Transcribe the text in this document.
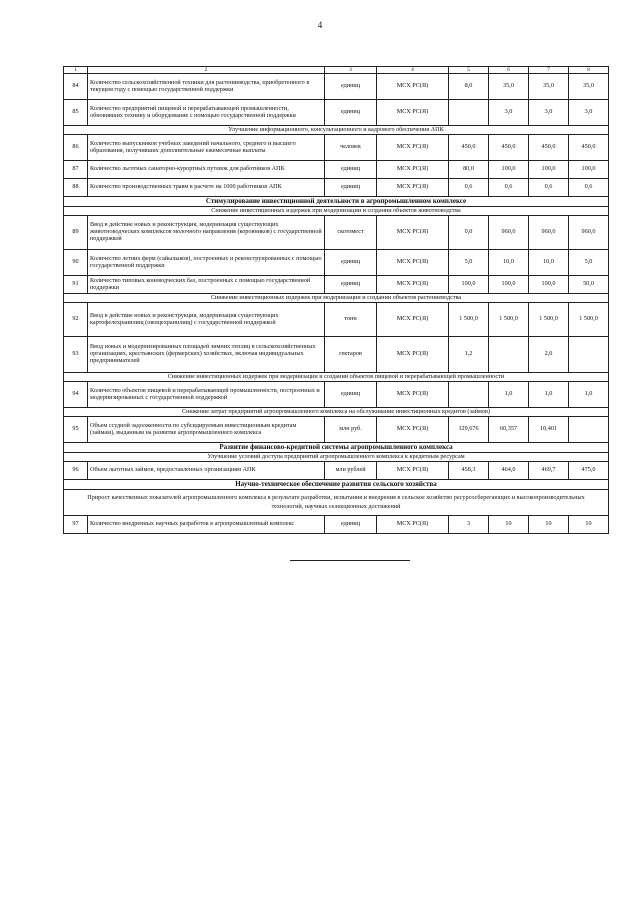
4
1	2	3	4	5	6	7	8
84	Количество сельскохозяйственной техники для растениеводства, приобретенного в текущем году с помощью государственной поддержки	единиц	МСХ РС(Я)	8,0	35,0	35,0	35,0
85	Количество предприятий пищевой и перерабатывающей промышленности, обновивших технику и оборудование с помощью государственной поддержки	единиц	МСХ РС(Я)		3,0	3,0	3,0
Улучшение информационного, консультационного и кадрового обеспечения АПК							
86	Количество выпускников учебных заведений начального, среднего и высшего образования, получивших дополнительные ежемесячные выплаты	человек	МСХ РС(Я)	450,0	450,0	450,0	450,0
87	Количество льготных санаторно-курортных путевок для работников АПК	единиц	МСХ РС(Я)	80,0	100,0	100,0	100,0
88	Количество производственных травм в расчете на 1000 работников АПК	единиц	МСХ РС(Я)	0,6	0,6	0,6	0,6
Стимулирование инвестиционной деятельности в агропромышленном комплексе							
Снижение инвестиционных издержек при модернизации и создании объектов животноводства							
89	Ввод в действие новых и реконструкция, модернизация существующих животноводческих комплексов молочного направления (коровников) с государственной поддержкой	скотомест	МСХ РС(Я)	0,0	960,0	960,0	960,0
90	Количество летних ферм (сайылыков), построенных и реконструированных с помощью государственной поддержки	единиц	МСХ РС(Я)	5,0	10,0	10,0	5,0
91	Количество типовых коневодческих баз, построенных с помощью государственной поддержки	единиц	МСХ РС(Я)	100,0	100,0	100,0	50,0
Снижение инвестиционных издержек при модернизации и создании объектов растениеводства							
92	Ввод в действие новых и реконструкция, модернизация существующих картофелехранилищ (овощехранилищ) с государственной поддержкой	тонн	МСХ РС(Я)	1 500,0	1 500,0	1 500,0	1 500,0
93	Ввод новых и модернизированных площадей зимних теплиц в сельскохозяйственных организациях, крестьянских (фермерских) хозяйствах, включая индивидуальных предпринимателей	гектаров	МСХ РС(Я)	1,2		2,0	
Снижение инвестиционных издержек при модернизации и создании объектов пищевой и перерабатывающей промышленности							
94	Количество объектов пищевой и перерабатывающей промышленности, построенных и модернизированных с государственной поддержкой	единиц	МСХ РС(Я)		1,0	1,0	1,0
Снижение затрат предприятий агропромышленного комплекса на обслуживание инвестиционных кредитов (займов)							
95	Объем ссудной задолженности по субсидируемым инвестиционным кредитам (займам), выданным на развитие агропромышленного комплекса	млн руб.	МСХ РС(Я)	129,676	60,357	10,401	
Развитие финансово-кредитной системы агропромышленного комплекса							
Улучшение условий доступа предприятий агропромышленного комплекса к кредитным ресурсам							
96	Объем льготных займов, предоставленных организациям АПК	млн рублей	МСХ РС(Я)	458,3	464,0	469,7	475,0
Научно-техническое обеспечение развития сельского хозяйства							
Прирост качественных показателей агропромышленного комплекса в результате разработки, испытания и внедрения в сельское хозяйство ресурсосберегающих и высокопроизводительных технологий, научных селекционных достижений							
97	Количество внедренных научных разработок в агропромышленный комплекс	единиц	МСХ РС(Я)	3	10	10	10
